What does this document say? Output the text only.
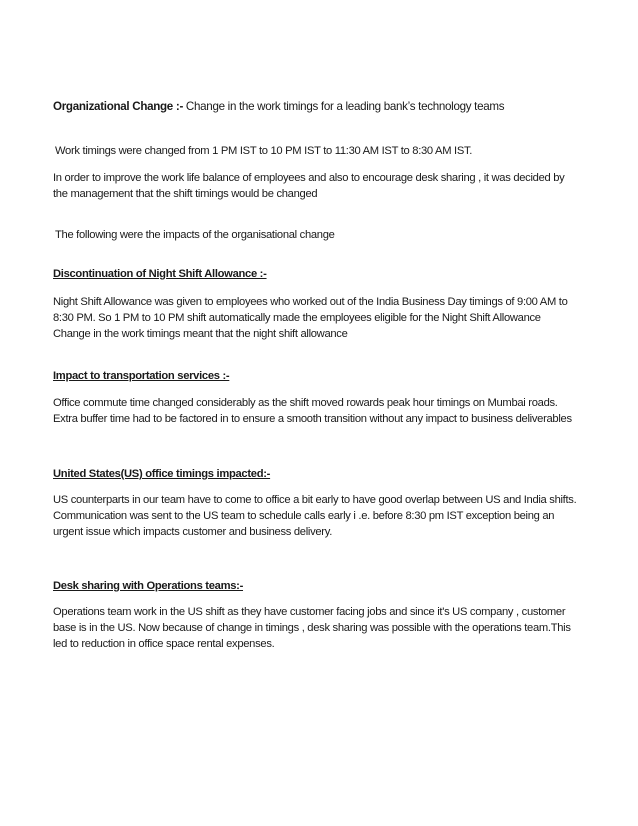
Organizational Change :- Change in the work timings for a leading bank’s technology teams

Work timings were changed from 1 PM IST to 10 PM IST to 11:30 AM IST to 8:30 AM IST.

In order to improve the work life balance of employees and also to encourage desk sharing , it was decided by the management that the shift timings would be changed

The following were the impacts of the organisational change

Discontinuation of Night Shift Allowance :-

Night Shift Allowance was given to employees who worked out of the India Business Day timings of 9:00 AM to 8:30 PM. So 1 PM to 10 PM shift automatically made the employees eligible for the Night Shift Allowance Change in the work timings meant that the night shift allowance

Impact to transportation services :-

Office commute time changed considerably as the shift moved rowards peak hour timings on Mumbai roads. Extra buffer time had to be factored in to ensure a smooth transition without any impact to business deliverables

United States(US) office timings impacted:-

US counterparts in our team have to come to office a bit early to have good overlap between US and India shifts. Communication was sent to the US team to schedule calls early i .e. before 8:30 pm IST exception being an urgent issue which impacts customer and business delivery.

Desk sharing with Operations teams:-

Operations team work in the US shift as they have customer facing jobs and since it's US company , customer base is in the US. Now because of change in timings , desk sharing was possible with the operations team.This led to reduction in office space rental expenses.
